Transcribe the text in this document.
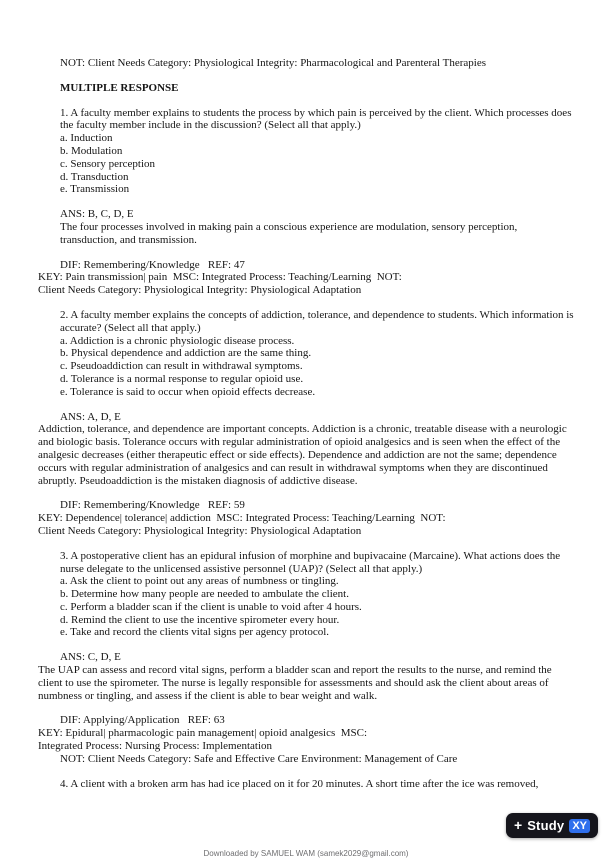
NOT: Client Needs Category: Physiological Integrity: Pharmacological and Parenteral Therapies

MULTIPLE RESPONSE

1. A faculty member explains to students the process by which pain is perceived by the client. Which processes does the faculty member include in the discussion? (Select all that apply.)

a. Induction

b. Modulation

c. Sensory perception

d. Transduction

e. Transmission

ANS: B, C, D, E

The four processes involved in making pain a conscious experience are modulation, sensory perception, transduction, and transmission.

DIF: Remembering/Knowledge   REF: 47

KEY: Pain transmission| pain  MSC: Integrated Process: Teaching/Learning  NOT:

Client Needs Category: Physiological Integrity: Physiological Adaptation

2. A faculty member explains the concepts of addiction, tolerance, and dependence to students. Which information is accurate? (Select all that apply.)

a. Addiction is a chronic physiologic disease process.

b. Physical dependence and addiction are the same thing.

c. Pseudoaddiction can result in withdrawal symptoms.

d. Tolerance is a normal response to regular opioid use.

e. Tolerance is said to occur when opioid effects decrease.

ANS: A, D, E

Addiction, tolerance, and dependence are important concepts. Addiction is a chronic, treatable disease with a neurologic and biologic basis. Tolerance occurs with regular administration of opioid analgesics and is seen when the effect of the analgesic decreases (either therapeutic effect or side effects). Dependence and addiction are not the same; dependence occurs with regular administration of analgesics and can result in withdrawal symptoms when they are discontinued abruptly. Pseudoaddiction is the mistaken diagnosis of addictive disease.

DIF: Remembering/Knowledge   REF: 59

KEY: Dependence| tolerance| addiction  MSC: Integrated Process: Teaching/Learning  NOT:

Client Needs Category: Physiological Integrity: Physiological Adaptation

3. A postoperative client has an epidural infusion of morphine and bupivacaine (Marcaine). What actions does the nurse delegate to the unlicensed assistive personnel (UAP)? (Select all that apply.)

a. Ask the client to point out any areas of numbness or tingling.

b. Determine how many people are needed to ambulate the client.

c. Perform a bladder scan if the client is unable to void after 4 hours.

d. Remind the client to use the incentive spirometer every hour.

e. Take and record the clients vital signs per agency protocol.

ANS: C, D, E

The UAP can assess and record vital signs, perform a bladder scan and report the results to the nurse, and remind the client to use the spirometer. The nurse is legally responsible for assessments and should ask the client about areas of numbness or tingling, and assess if the client is able to bear weight and walk.

DIF: Applying/Application   REF: 63

KEY: Epidural| pharmacologic pain management| opioid analgesics  MSC:

Integrated Process: Nursing Process: Implementation

NOT: Client Needs Category: Safe and Effective Care Environment: Management of Care

4. A client with a broken arm has had ice placed on it for 20 minutes. A short time after the ice was removed,

+ Study XY
Downloaded by SAMUEL WAM (samek2029@gmail.com)
